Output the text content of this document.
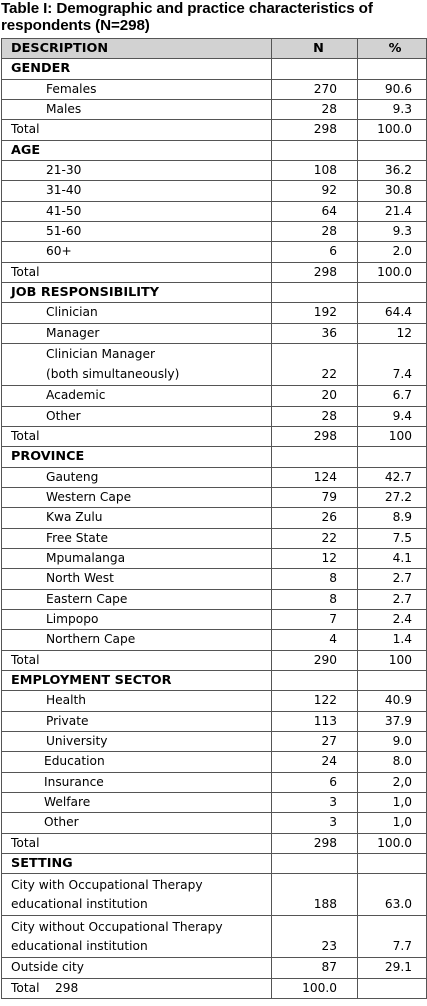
Table I: Demographic and practice characteristics of respondents (N=298)
DESCRIPTION	N	%
GENDER		
Females	270	90.6
Males	28	9.3
Total	298	100.0
AGE		
21-30	108	36.2
31-40	92	30.8
41-50	64	21.4
51-60	28	9.3
60+	6	2.0
Total	298	100.0
JOB RESPONSIBILITY		
Clinician	192	64.4
Manager	36	12

Clinician Manager
(both simultaneously)	22	7.4
Academic	20	6.7
Other	28	9.4
Total	298	100
PROVINCE		
Gauteng	124	42.7
Western Cape	79	27.2
Kwa Zulu	26	8.9
Free State	22	7.5
Mpumalanga	12	4.1
North West	8	2.7
Eastern Cape	8	2.7
Limpopo	7	2.4
Northern Cape	4	1.4
Total	290	100
EMPLOYMENT SECTOR		
Health	122	40.9
Private	113	37.9
University	27	9.0
Education	24	8.0
Insurance	6	2,0
Welfare	3	1,0
Other	3	1,0
Total	298	100.0
SETTING		

City with Occupational Therapy
educational institution	188	63.0

City without Occupational Therapy
educational institution	23	7.7
Outside city	87	29.1
Total 298	100.0	
